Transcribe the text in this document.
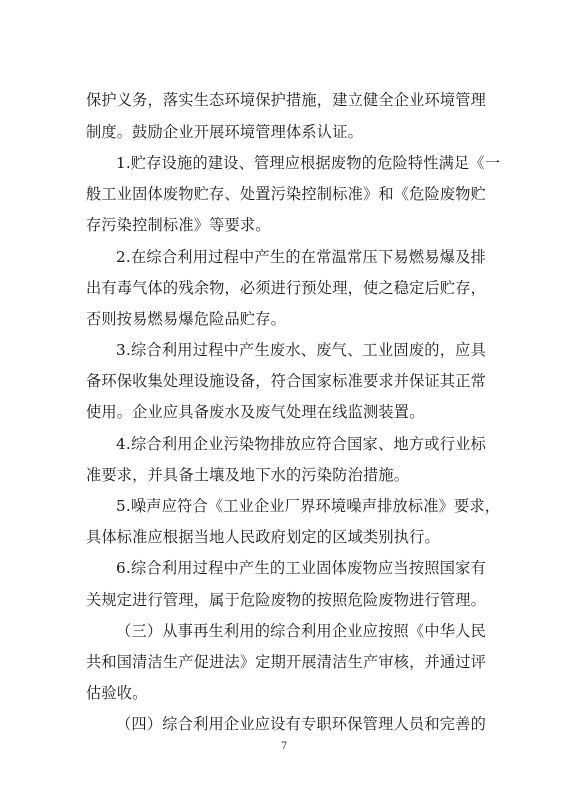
保护义务，落实生态环境保护措施，建立健全企业环境管理
制度。鼓励企业开展环境管理体系认证。
1.贮存设施的建设、管理应根据废物的危险特性满足《一
般工业固体废物贮存、处置污染控制标准》和《危险废物贮
存污染控制标准》等要求。
2.在综合利用过程中产生的在常温常压下易燃易爆及排
出有毒气体的残余物，必须进行预处理，使之稳定后贮存，
否则按易燃易爆危险品贮存。
3.综合利用过程中产生废水、废气、工业固废的，应具
备环保收集处理设施设备，符合国家标准要求并保证其正常
使用。企业应具备废水及废气处理在线监测装置。
4.综合利用企业污染物排放应符合国家、地方或行业标
准要求，并具备土壤及地下水的污染防治措施。
5.噪声应符合《工业企业厂界环境噪声排放标准》要求，
具体标准应根据当地人民政府划定的区域类别执行。
6.综合利用过程中产生的工业固体废物应当按照国家有
关规定进行管理，属于危险废物的按照危险废物进行管理。
（三）从事再生利用的综合利用企业应按照《中华人民
共和国清洁生产促进法》定期开展清洁生产审核，并通过评
估验收。
（四）综合利用企业应设有专职环保管理人员和完善的
7
